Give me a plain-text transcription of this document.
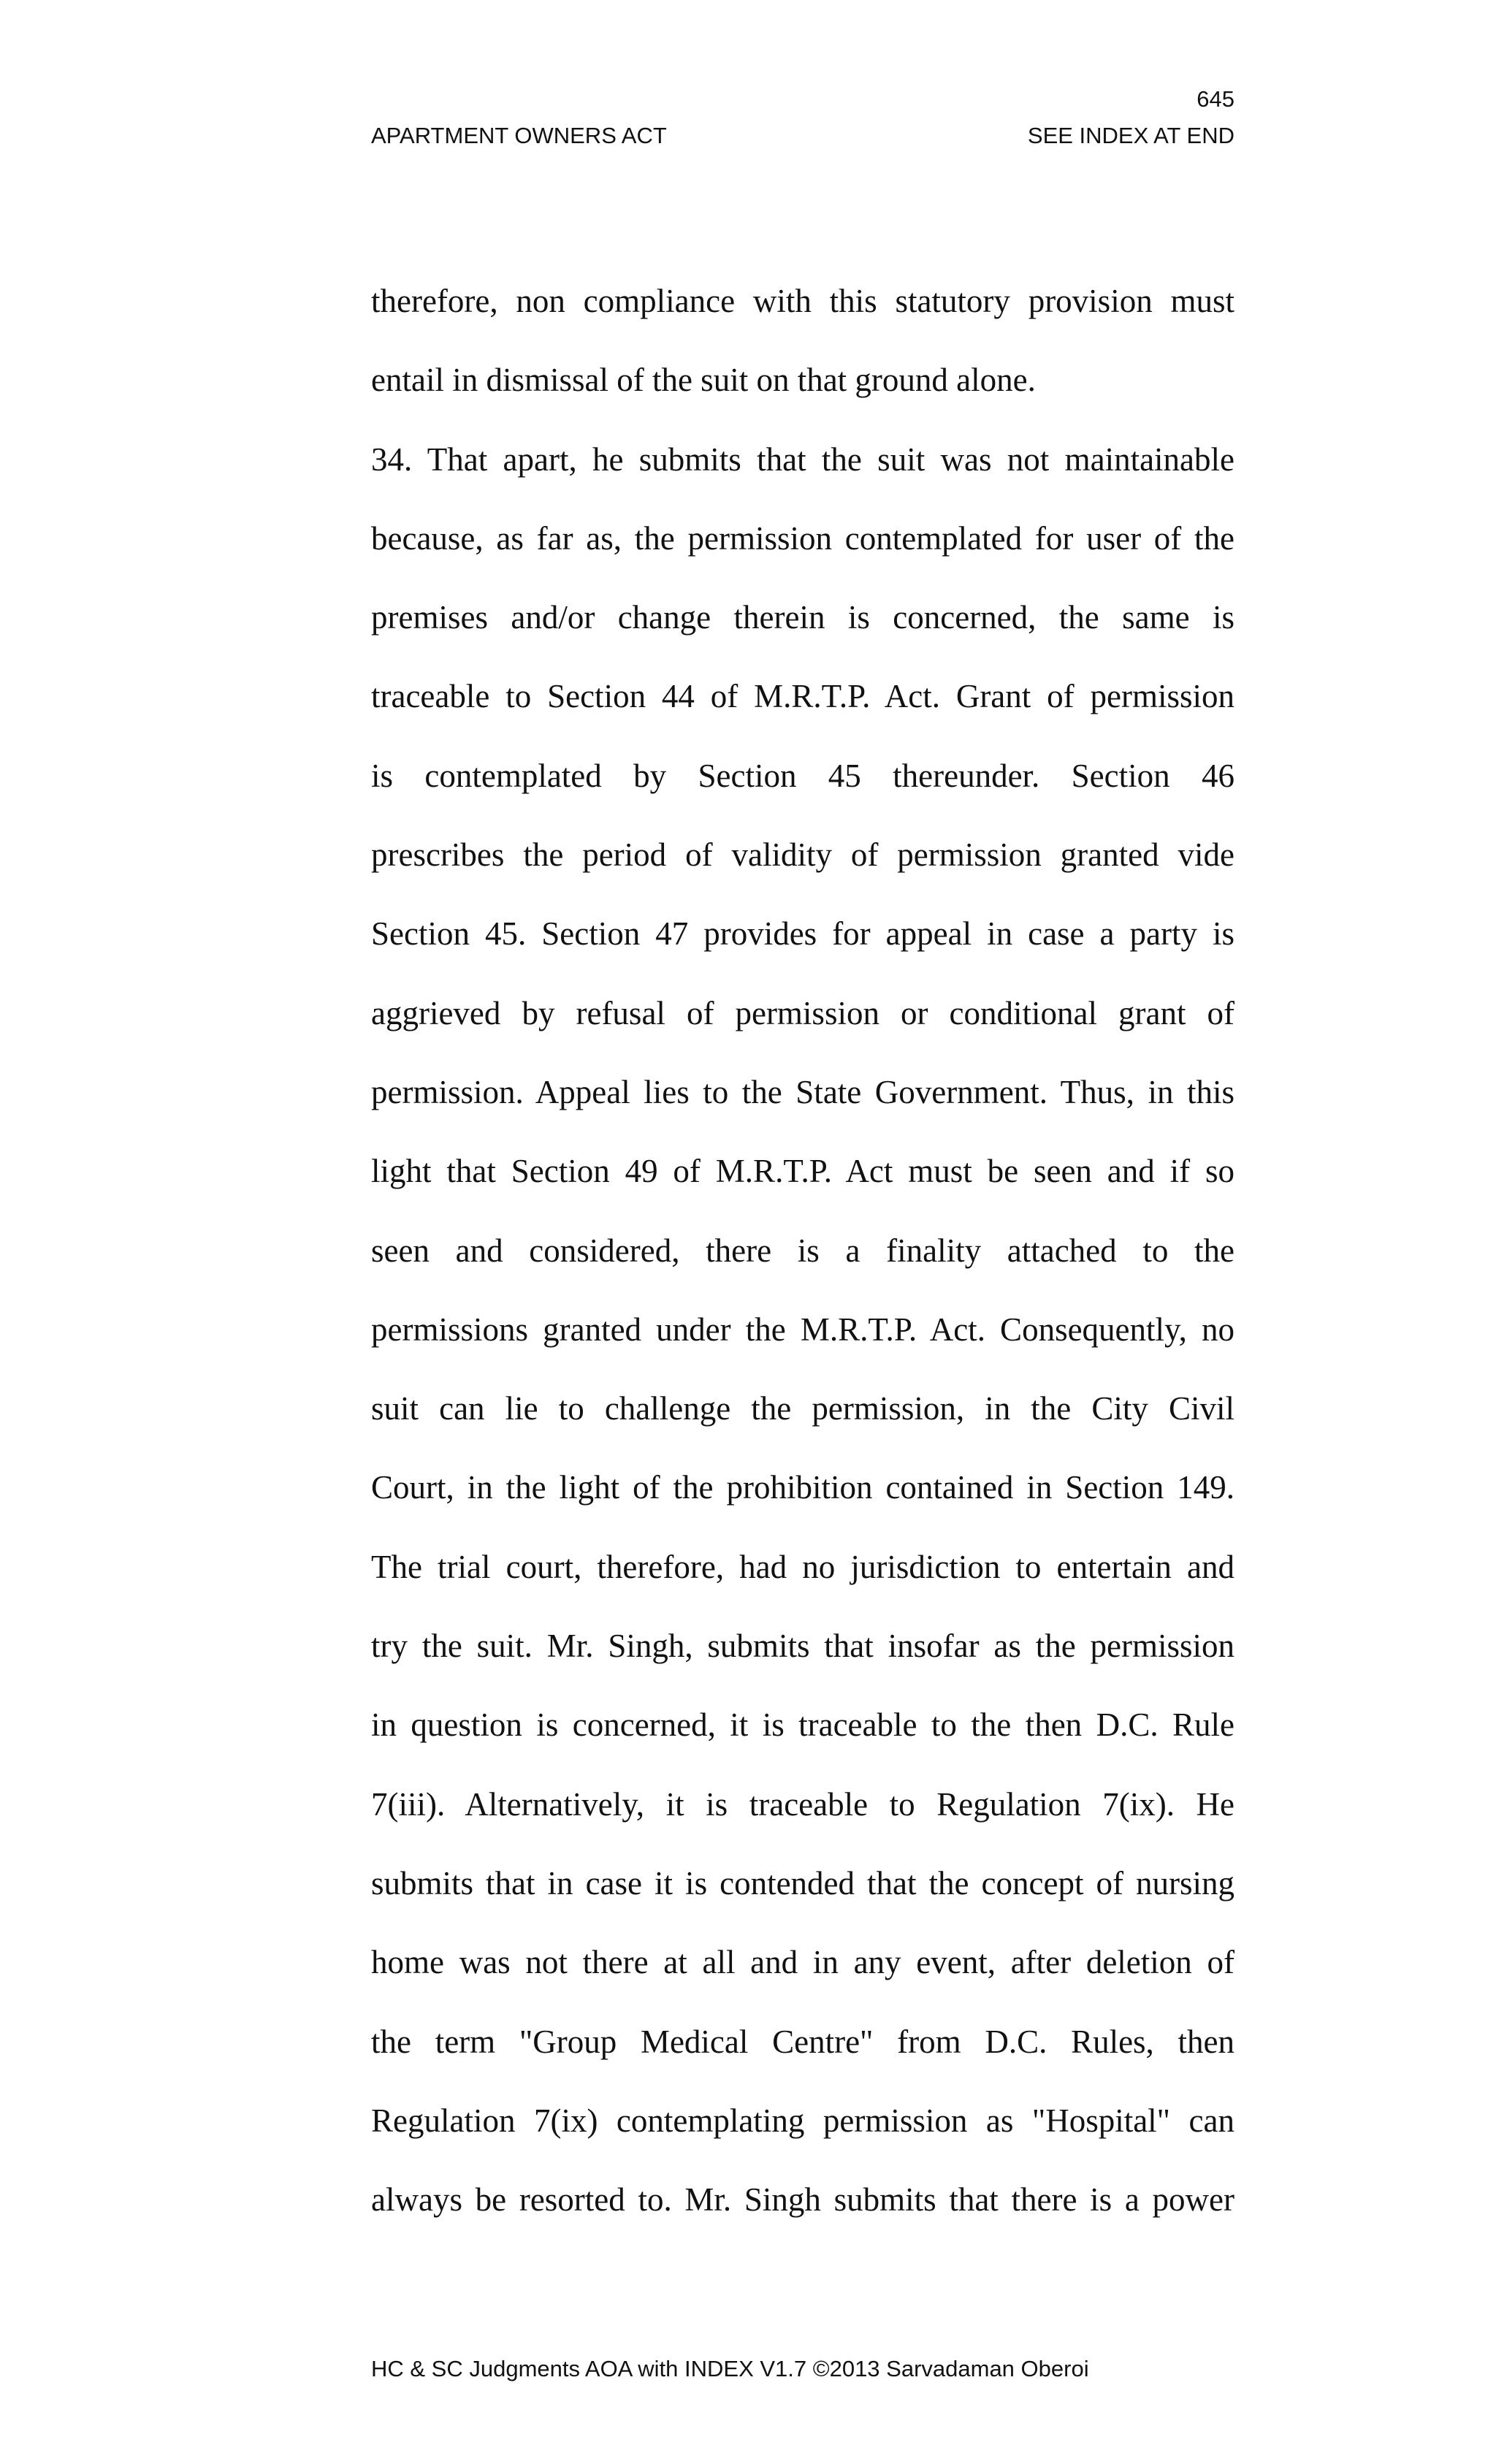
645

APARTMENT OWNERS ACT	SEE INDEX AT END
therefore, non compliance with this statutory provision must
entail in dismissal of the suit on that ground alone.
34. That apart, he submits that the suit was not maintainable
because, as far as, the permission contemplated for user of the
premises and/or change therein is concerned, the same is
traceable to Section 44 of M.R.T.P. Act. Grant of permission
is contemplated by Section 45 thereunder. Section 46
prescribes the period of validity of permission granted vide
Section 45. Section 47 provides for appeal in case a party is
aggrieved by refusal of permission or conditional grant of
permission. Appeal lies to the State Government. Thus, in this
light that Section 49 of M.R.T.P. Act must be seen and if so
seen and considered, there is a finality attached to the
permissions granted under the M.R.T.P. Act. Consequently, no
suit can lie to challenge the permission, in the City Civil
Court, in the light of the prohibition contained in Section 149.
The trial court, therefore, had no jurisdiction to entertain and
try the suit. Mr. Singh, submits that insofar as the permission
in question is concerned, it is traceable to the then D.C. Rule
7(iii). Alternatively, it is traceable to Regulation 7(ix). He
submits that in case it is contended that the concept of nursing
home was not there at all and in any event, after deletion of
the term "Group Medical Centre" from D.C. Rules, then
Regulation 7(ix) contemplating permission as "Hospital" can
always be resorted to. Mr. Singh submits that there is a power

HC & SC Judgments AOA with INDEX V1.7 ©2013 Sarvadaman Oberoi
